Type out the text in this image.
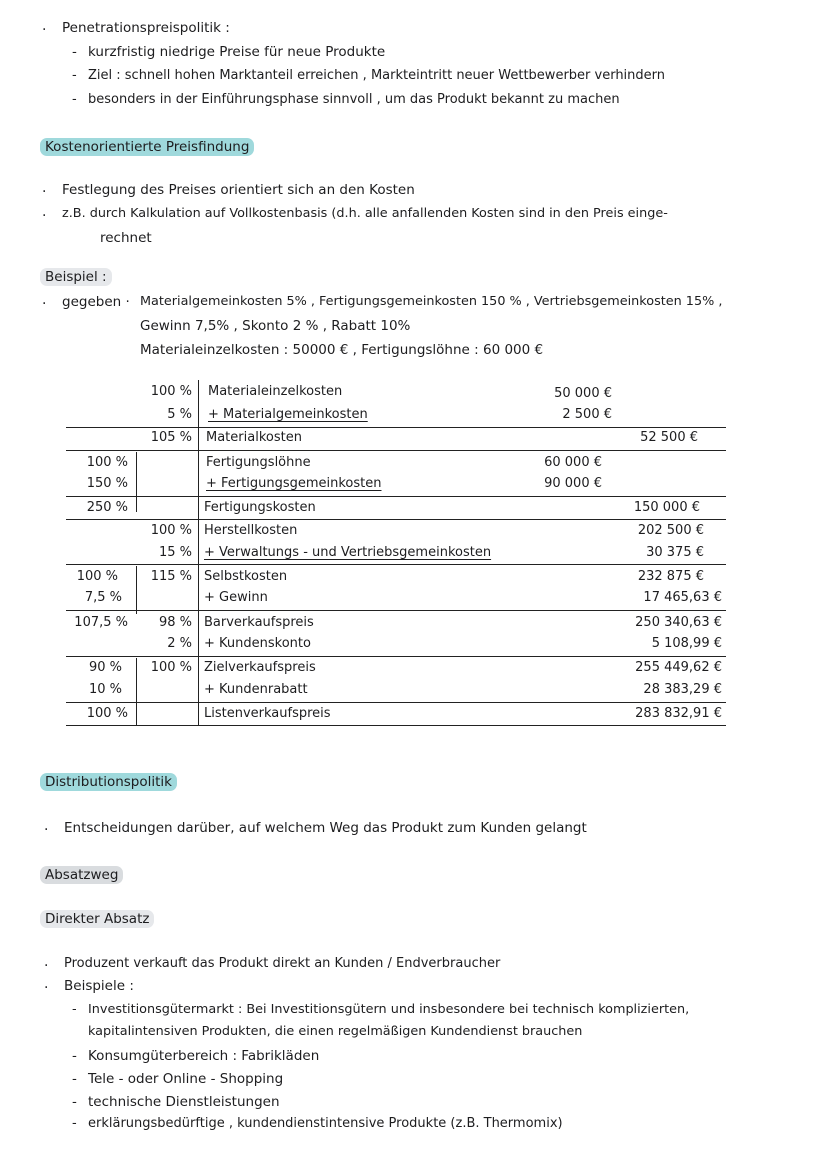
· Penetrationspreispolitik :
- kurzfristig niedrige Preise für neue Produkte
- Ziel : schnell hohen Marktanteil erreichen , Markteintritt neuer Wettbewerber verhindern
- besonders in der Einführungsphase sinnvoll , um das Produkt bekannt zu machen
Kostenorientierte Preisfindung
· Festlegung des Preises orientiert sich an den Kosten
· z.B. durch Kalkulation auf Vollkostenbasis (d.h. alle anfallenden Kosten sind in den Preis einge-
rechnet
Beispiel :
· gegeben · Materialgemeinkosten 5% , Fertigungsgemeinkosten 150 % , Vertriebsgemeinkosten 15% ,
Gewinn 7,5% , Skonto 2 % , Rabatt 10%
Materialeinzelkosten : 50000 € , Fertigungslöhne : 60 000 €
100 % Materialeinzelkosten	50 000 €
5 % + Materialgemeinkosten	2 500 €
105 % Materialkosten	52 500 €
100 %	Fertigungslöhne	60 000 €
150 %	+ Fertigungsgemeinkosten	90 000 €
250 %	Fertigungskosten	150 000 €
100 % Herstellkosten	202 500 €
15 % + Verwaltungs - und Vertriebsgemeinkosten	30 375 €
100 %	115 % Selbstkosten	232 875 €
7,5 %	+ Gewinn	17 465,63 €
107,5 %	98 % Barverkaufspreis	250 340,63 €
2 % + Kundenskonto	5 108,99 €
90 %	100 % Zielverkaufspreis	255 449,62 €
10 %	+ Kundenrabatt	28 383,29 €
100 %	Listenverkaufspreis	283 832,91 €
Distributionspolitik
· Entscheidungen darüber, auf welchem Weg das Produkt zum Kunden gelangt
Absatzweg
Direkter Absatz
· Produzent verkauft das Produkt direkt an Kunden / Endverbraucher
· Beispiele :
- Investitionsgütermarkt : Bei Investitionsgütern und insbesondere bei technisch komplizierten,
kapitalintensiven Produkten, die einen regelmäßigen Kundendienst brauchen
- Konsumgüterbereich : Fabrikläden
- Tele - oder Online - Shopping
- technische Dienstleistungen
- erklärungsbedürftige , kundendienstintensive Produkte (z.B. Thermomix)
